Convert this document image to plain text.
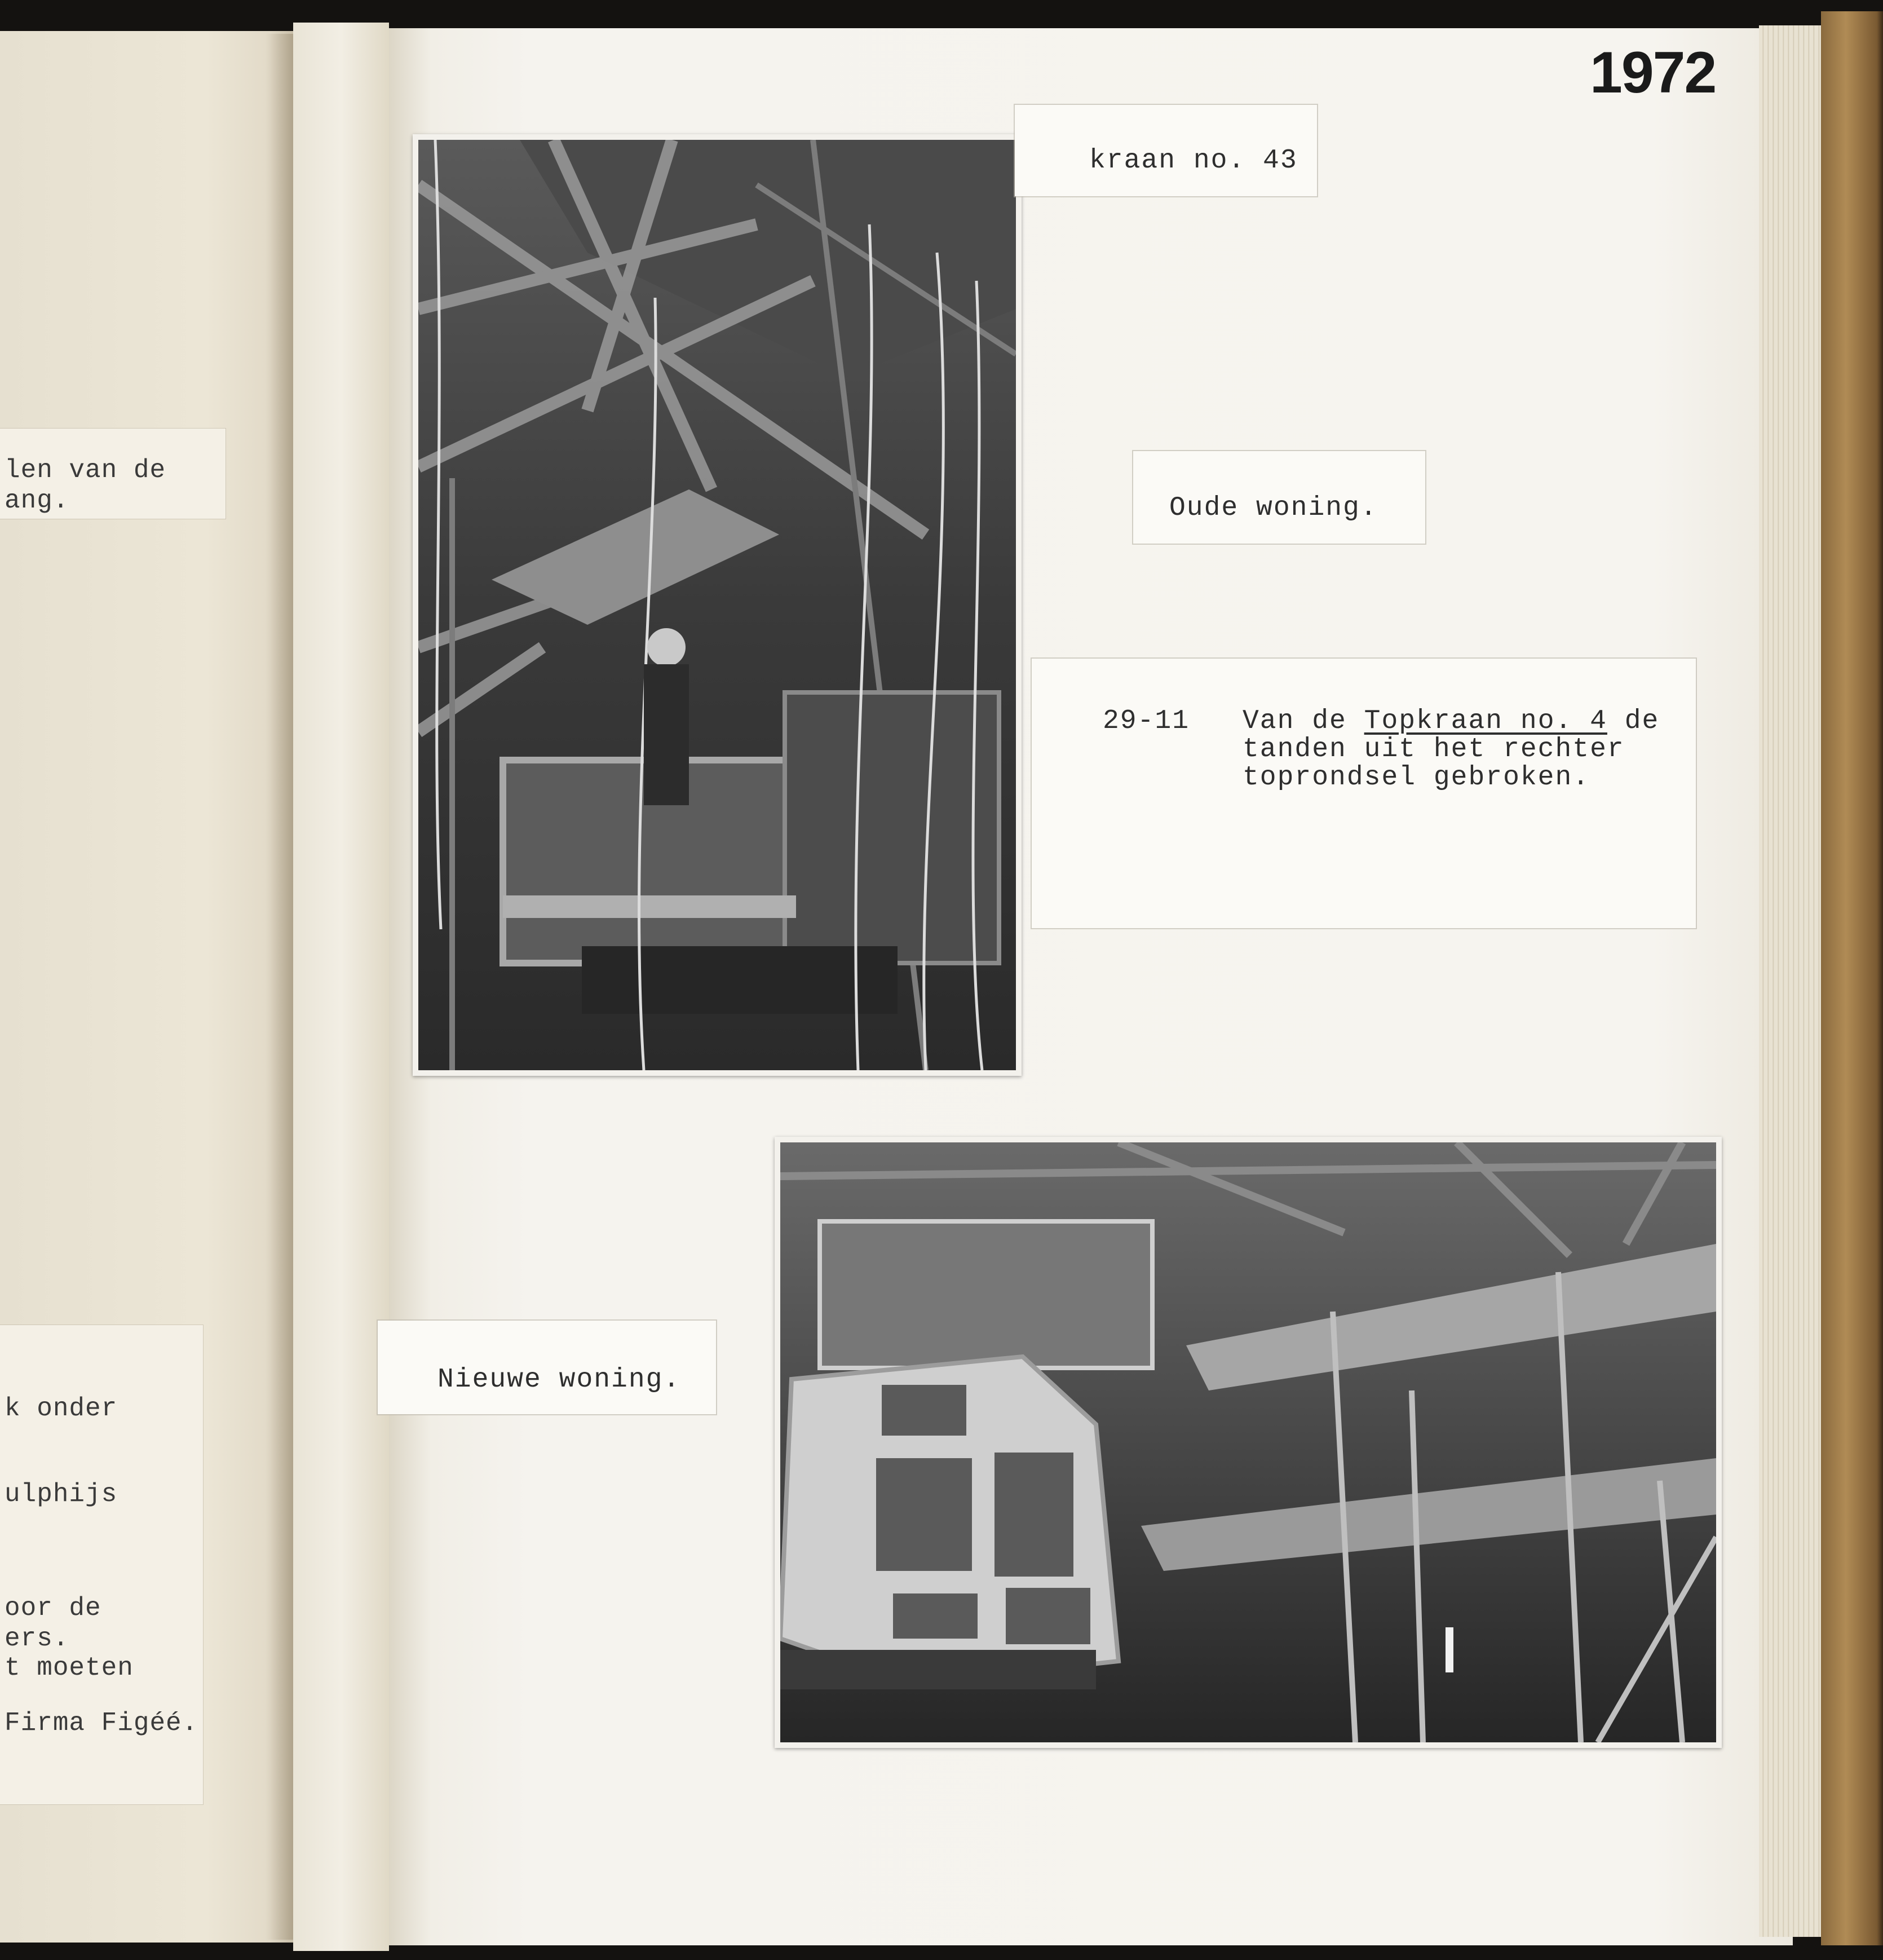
len van de
ang.
k onder
ulphijs
oor de
ers.
t moeten
Firma Figéé.
1972
kraan no. 43
Oude woning.
29-11 Van de Topkraan no. 4 de
tanden uit het rechter
toprondsel gebroken.
Nieuwe woning.
